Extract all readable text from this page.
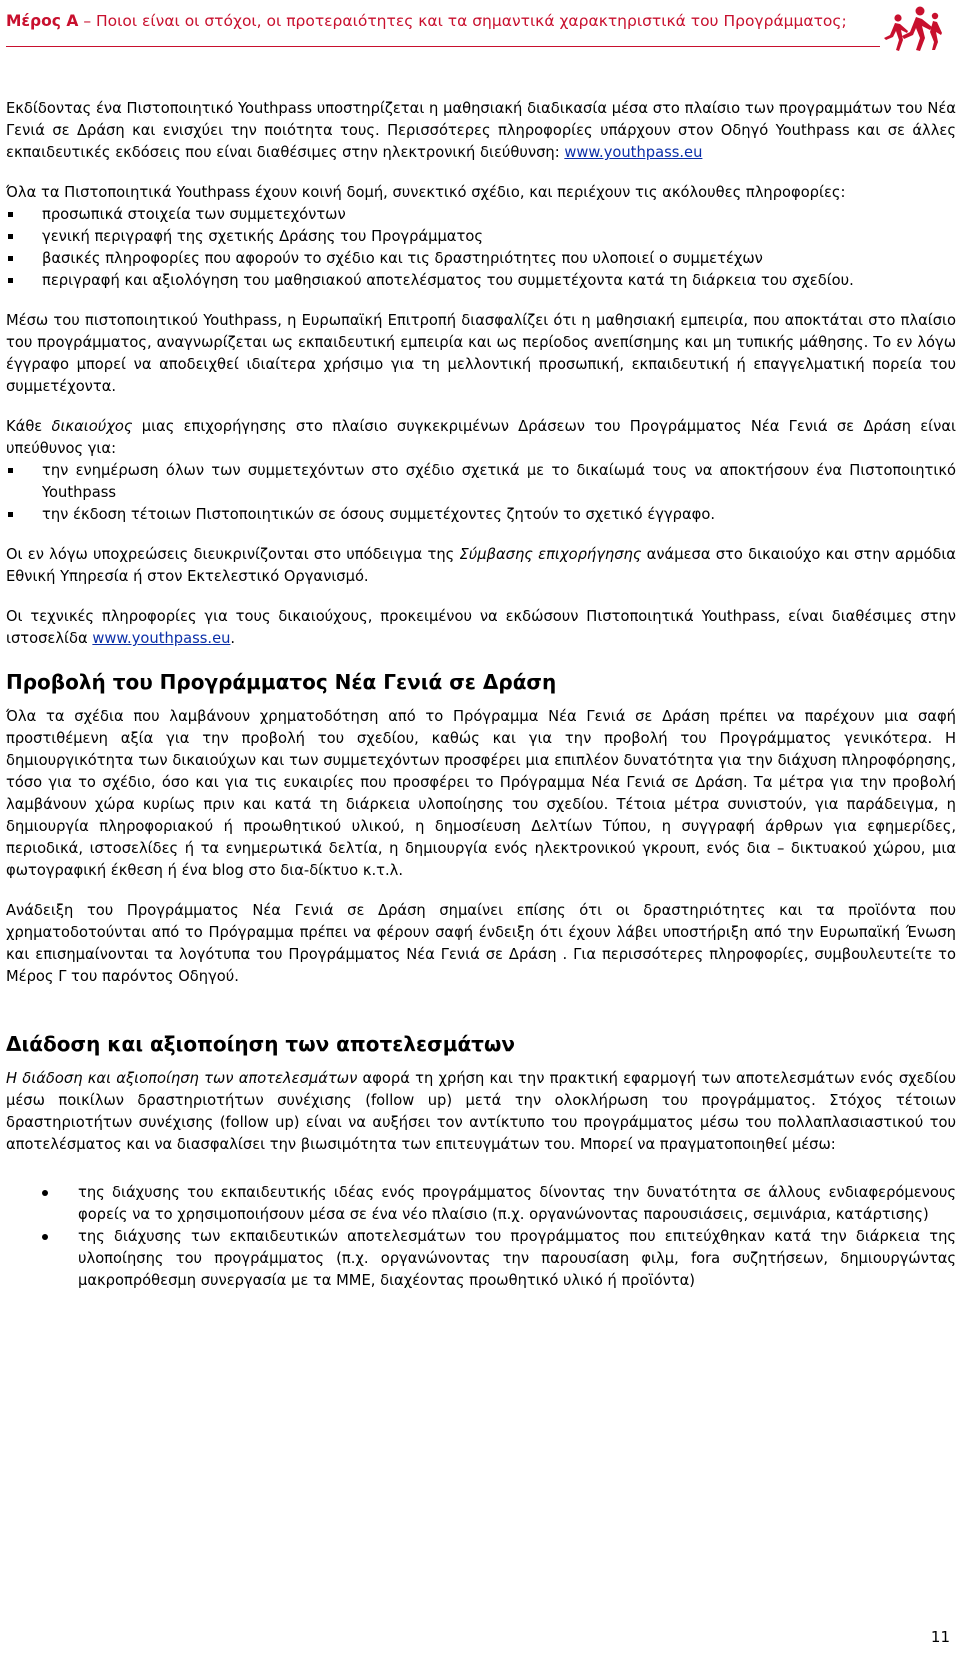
Μέρος Α – Ποιοι είναι οι στόχοι, οι προτεραιότητες και τα σημαντικά χαρακτηριστικά του Προγράμματος;

Εκδίδοντας ένα Πιστοποιητικό Youthpass υποστηρίζεται η μαθησιακή διαδικασία μέσα στο πλαίσιο των προγραμμάτων του Νέα Γενιά σε Δράση και ενισχύει την ποιότητα τους. Περισσότερες πληροφορίες υπάρχουν στον Οδηγό Youthpass και σε άλλες εκπαιδευτικές εκδόσεις που είναι διαθέσιμες στην ηλεκτρονική διεύθυνση: www.youthpass.eu

Όλα τα Πιστοποιητικά Youthpass έχουν κοινή δομή, συνεκτικό σχέδιο, και περιέχουν τις ακόλουθες πληροφορίες:

προσωπικά στοιχεία των συμμετεχόντων
γενική περιγραφή της σχετικής Δράσης του Προγράμματος
βασικές πληροφορίες που αφορούν το σχέδιο και τις δραστηριότητες που υλοποιεί ο συμμετέχων
περιγραφή και αξιολόγηση του μαθησιακού αποτελέσματος του συμμετέχοντα κατά τη διάρκεια του σχεδίου.

Μέσω του πιστοποιητικού Youthpass, η Ευρωπαϊκή Επιτροπή διασφαλίζει ότι η μαθησιακή εμπειρία, που αποκτάται στο πλαίσιο του προγράμματος, αναγνωρίζεται ως εκπαιδευτική εμπειρία και ως περίοδος ανεπίσημης και μη τυπικής μάθησης. Το εν λόγω έγγραφο μπορεί να αποδειχθεί ιδιαίτερα χρήσιμο για τη μελλοντική προσωπική, εκπαιδευτική ή επαγγελματική πορεία του συμμετέχοντα.

Κάθε δικαιούχος μιας επιχορήγησης στο πλαίσιο συγκεκριμένων Δράσεων του Προγράμματος Νέα Γενιά σε Δράση είναι υπεύθυνος για:

την ενημέρωση όλων των συμμετεχόντων στο σχέδιο σχετικά με το δικαίωμά τους να αποκτήσουν ένα Πιστοποιητικό Youthpass
την έκδοση τέτοιων Πιστοποιητικών σε όσους συμμετέχοντες ζητούν το σχετικό έγγραφο.

Οι εν λόγω υποχρεώσεις διευκρινίζονται στο υπόδειγμα της Σύμβασης επιχορήγησης ανάμεσα στο δικαιούχο και στην αρμόδια Εθνική Υπηρεσία ή στον Εκτελεστικό Οργανισμό.

Οι τεχνικές πληροφορίες για τους δικαιούχους, προκειμένου να εκδώσουν Πιστοποιητικά Youthpass, είναι διαθέσιμες στην ιστοσελίδα www.youthpass.eu.

Προβολή του Προγράμματος Νέα Γενιά σε Δράση

Όλα τα σχέδια που λαμβάνουν χρηματοδότηση από το Πρόγραμμα Νέα Γενιά σε Δράση πρέπει να παρέχουν μια σαφή προστιθέμενη αξία για την προβολή του σχεδίου, καθώς και για την προβολή του Προγράμματος γενικότερα. Η δημιουργικότητα των δικαιούχων και των συμμετεχόντων προσφέρει μια επιπλέον δυνατότητα για την διάχυση πληροφόρησης, τόσο για το σχέδιο, όσο και για τις ευκαιρίες που προσφέρει το Πρόγραμμα Νέα Γενιά σε Δράση. Τα μέτρα για την προβολή λαμβάνουν χώρα κυρίως πριν και κατά τη διάρκεια υλοποίησης του σχεδίου. Τέτοια μέτρα συνιστούν, για παράδειγμα, η δημιουργία πληροφοριακού ή προωθητικού υλικού, η δημοσίευση Δελτίων Τύπου, η συγγραφή άρθρων για εφημερίδες, περιοδικά, ιστοσελίδες ή τα ενημερωτικά δελτία, η δημιουργία ενός ηλεκτρονικού γκρουπ, ενός δια – δικτυακού χώρου, μια φωτογραφική έκθεση ή ένα blog στο δια-δίκτυο κ.τ.λ.

Ανάδειξη του Προγράμματος Νέα Γενιά σε Δράση σημαίνει επίσης ότι οι δραστηριότητες και τα προϊόντα που χρηματοδοτούνται από το Πρόγραμμα πρέπει να φέρουν σαφή ένδειξη ότι έχουν λάβει υποστήριξη από την Ευρωπαϊκή Ένωση και επισημαίνονται τα λογότυπα του Προγράμματος Νέα Γενιά σε Δράση . Για περισσότερες πληροφορίες, συμβουλευτείτε το Μέρος Γ του παρόντος Οδηγού.

Διάδοση και αξιοποίηση των αποτελεσμάτων

Η διάδοση και αξιοποίηση των αποτελεσμάτων αφορά τη χρήση και την πρακτική εφαρμογή των αποτελεσμάτων ενός σχεδίου μέσω ποικίλων δραστηριοτήτων συνέχισης (follow up) μετά την ολοκλήρωση του προγράμματος. Στόχος τέτοιων δραστηριοτήτων συνέχισης (follow up) είναι να αυξήσει τον αντίκτυπο του προγράμματος μέσω του πολλαπλασιαστικού του αποτελέσματος και να διασφαλίσει την βιωσιμότητα των επιτευγμάτων του. Μπορεί να πραγματοποιηθεί μέσω:

της διάχυσης του εκπαιδευτικής ιδέας ενός προγράμματος δίνοντας την δυνατότητα σε άλλους ενδιαφερόμενους φορείς να το χρησιμοποιήσουν μέσα σε ένα νέο πλαίσιο (π.χ. οργανώνοντας παρουσιάσεις, σεμινάρια, κατάρτισης)
της διάχυσης των εκπαιδευτικών αποτελεσμάτων του προγράμματος που επιτεύχθηκαν κατά την διάρκεια της υλοποίησης του προγράμματος (π.χ. οργανώνοντας την παρουσίαση φιλμ, fora συζητήσεων, δημιουργώντας μακροπρόθεσμη συνεργασία με τα ΜΜΕ, διαχέοντας προωθητικό υλικό ή προϊόντα)
11
